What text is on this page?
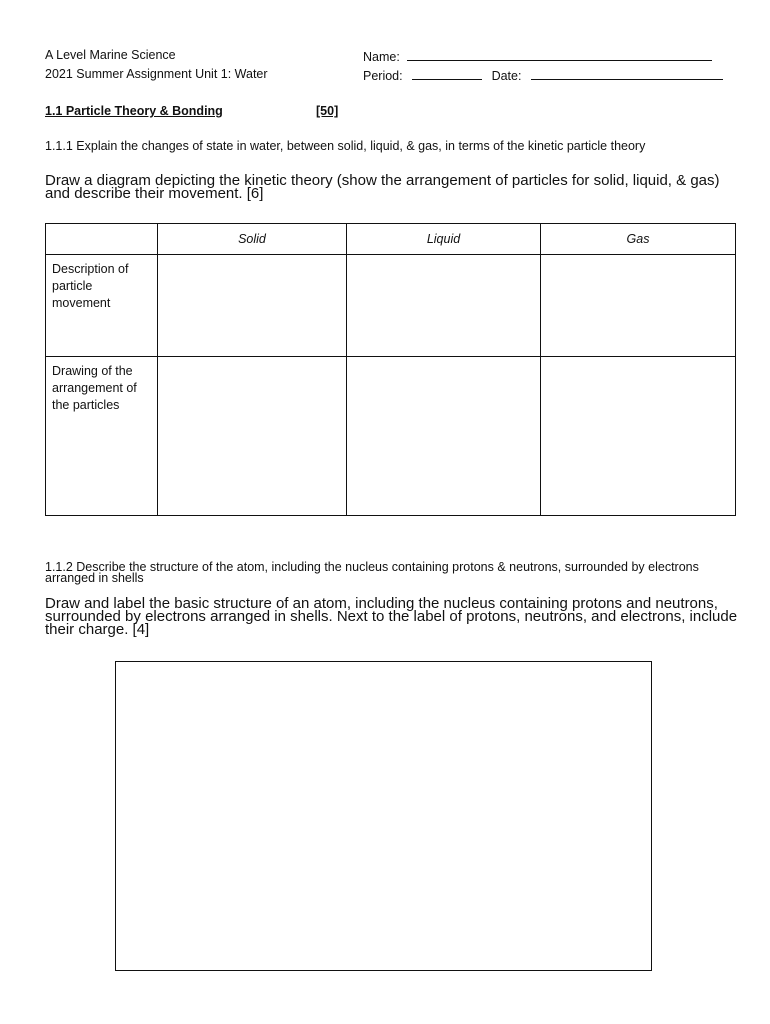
A Level Marine Science
2021 Summer Assignment Unit 1: Water
Name:
Period:	Date:
1.1 Particle Theory & Bonding	[50]
1.1.1 Explain the changes of state in water, between solid, liquid, & gas, in terms of the kinetic particle theory
Draw a diagram depicting the kinetic theory (show the arrangement of particles for solid, liquid, & gas) and describe their movement. [6]
	Solid	Liquid	Gas
Description of particle movement			
Drawing of the arrangement of the particles			
1.1.2 Describe the structure of the atom, including the nucleus containing protons & neutrons, surrounded by electrons arranged in shells
Draw and label the basic structure of an atom, including the nucleus containing protons and neutrons, surrounded by electrons arranged in shells. Next to the label of protons, neutrons, and electrons, include their charge. [4]
